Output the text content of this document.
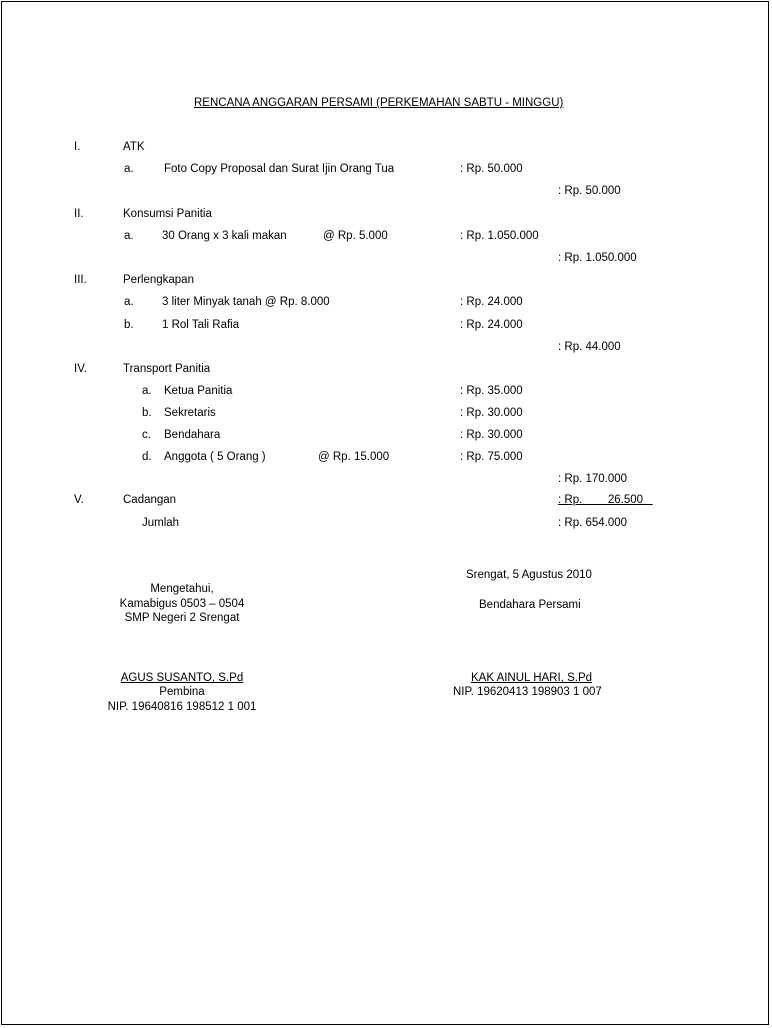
RENCANA ANGGARAN PERSAMI (PERKEMAHAN SABTU - MINGGU)
I.	ATK
a.	Foto Copy Proposal dan Surat Ijin Orang Tua	: Rp. 50.000
: Rp. 50.000
II.	Konsumsi Panitia
a. 30 Orang x 3 kali makan	@ Rp. 5.000	: Rp. 1.050.000
: Rp. 1.050.000
III.	Perlengkapan
a. 3 liter Minyak tanah @ Rp. 8.000	: Rp. 24.000
b. 1 Rol Tali Rafia	: Rp. 24.000
: Rp. 44.000
IV.	Transport Panitia
a. Ketua Panitia	: Rp. 35.000
b. Sekretaris	: Rp. 30.000
c. Bendahara	: Rp. 30.000
d. Anggota ( 5 Orang )	@ Rp. 15.000	: Rp. 75.000
: Rp. 170.000
V.	Cadangan	: Rp.        26.500
Jumlah	: Rp. 654.000
Srengat, 5 Agustus 2010
Bendahara Persami
KAK AINUL HARI, S.Pd
NIP. 19620413 198903 1 007
Mengetahui,
Kamabigus 0503 – 0504
SMP Negeri 2 Srengat
AGUS SUSANTO, S.Pd
Pembina
NIP. 19640816 198512 1 001
